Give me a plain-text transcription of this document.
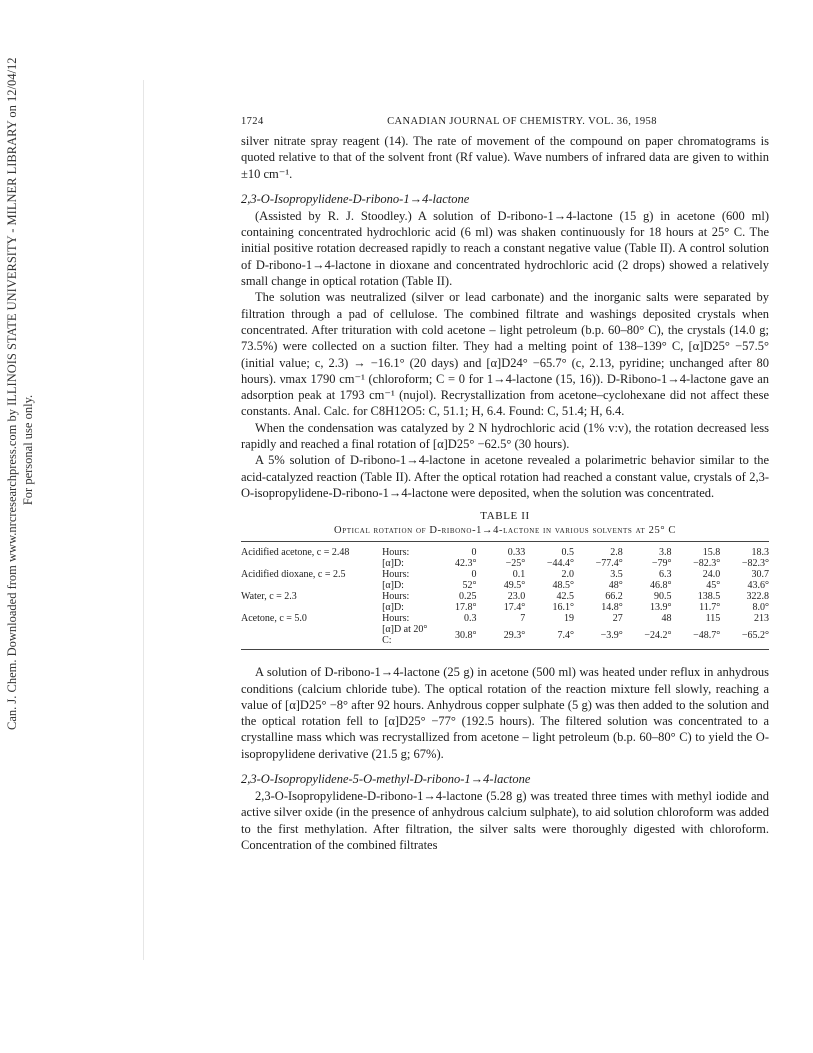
Can. J. Chem. Downloaded from www.nrcresearchpress.com by ILLINOIS STATE UNIVERSITY - MILNER LIBRARY on 12/04/12 For personal use only.
1724	CANADIAN JOURNAL OF CHEMISTRY. VOL. 36, 1958

silver nitrate spray reagent (14). The rate of movement of the compound on paper chromatograms is quoted relative to that of the solvent front (Rf value). Wave numbers of infrared data are given to within ±10 cm⁻¹.

2,3-O-Isopropylidene-D-ribono-1→4-lactone

(Assisted by R. J. Stoodley.) A solution of D-ribono-1→4-lactone (15 g) in acetone (600 ml) containing concentrated hydrochloric acid (6 ml) was shaken continuously for 18 hours at 25° C. The initial positive rotation decreased rapidly to reach a constant negative value (Table II). A control solution of D-ribono-1→4-lactone in dioxane and concentrated hydrochloric acid (2 drops) showed a relatively small change in optical rotation (Table II).

The solution was neutralized (silver or lead carbonate) and the inorganic salts were separated by filtration through a pad of cellulose. The combined filtrate and washings deposited crystals when concentrated. After trituration with cold acetone – light petroleum (b.p. 60–80° C), the crystals (14.0 g; 73.5%) were collected on a suction filter. They had a melting point of 138–139° C, [α]D25° −57.5° (initial value; c, 2.3) → −16.1° (20 days) and [α]D24° −65.7° (c, 2.13, pyridine; unchanged after 80 hours). νmax 1790 cm⁻¹ (chloroform; C = 0 for 1→4-lactone (15, 16)). D-Ribono-1→4-lactone gave an adsorption peak at 1793 cm⁻¹ (nujol). Recrystallization from acetone–cyclohexane did not affect these constants. Anal. Calc. for C8H12O5: C, 51.1; H, 6.4. Found: C, 51.4; H, 6.4.

When the condensation was catalyzed by 2 N hydrochloric acid (1% v:v), the rotation decreased less rapidly and reached a final rotation of [α]D25° −62.5° (30 hours).

A 5% solution of D-ribono-1→4-lactone in acetone revealed a polarimetric behavior similar to the acid-catalyzed reaction (Table II). After the optical rotation had reached a constant value, crystals of 2,3-O-isopropylidene-D-ribono-1→4-lactone were deposited, when the solution was concentrated.

TABLE II
Optical rotation of D-ribono-1→4-lactone in various solvents at 25° C
Acidified acetone, c = 2.48	Hours:	0	0.33	0.5	2.8	3.8	15.8	18.3
	[α]D:	42.3°	−25°	−44.4°	−77.4°	−79°	−82.3°	−82.3°
Acidified dioxane, c = 2.5	Hours:	0	0.1	2.0	3.5	6.3	24.0	30.7
	[α]D:	52°	49.5°	48.5°	48°	46.8°	45°	43.6°
Water, c = 2.3	Hours:	0.25	23.0	42.5	66.2	90.5	138.5	322.8
	[α]D:	17.8°	17.4°	16.1°	14.8°	13.9°	11.7°	8.0°
Acetone, c = 5.0	Hours:	0.3	7	19	27	48	115	213
	[α]D at 20° C:	30.8°	29.3°	7.4°	−3.9°	−24.2°	−48.7°	−65.2°

A solution of D-ribono-1→4-lactone (25 g) in acetone (500 ml) was heated under reflux in anhydrous conditions (calcium chloride tube). The optical rotation of the reaction mixture fell slowly, reaching a value of [α]D25° −8° after 92 hours. Anhydrous copper sulphate (5 g) was then added to the solution and the optical rotation fell to [α]D25° −77° (192.5 hours). The filtered solution was concentrated to a crystalline mass which was recrystallized from acetone – light petroleum (b.p. 60–80° C) to yield the O-isopropylidene derivative (21.5 g; 67%).

2,3-O-Isopropylidene-5-O-methyl-D-ribono-1→4-lactone

2,3-O-Isopropylidene-D-ribono-1→4-lactone (5.28 g) was treated three times with methyl iodide and active silver oxide (in the presence of anhydrous calcium sulphate), to aid solution chloroform was added to the first methylation. After filtration, the silver salts were thoroughly digested with chloroform. Concentration of the combined filtrates
